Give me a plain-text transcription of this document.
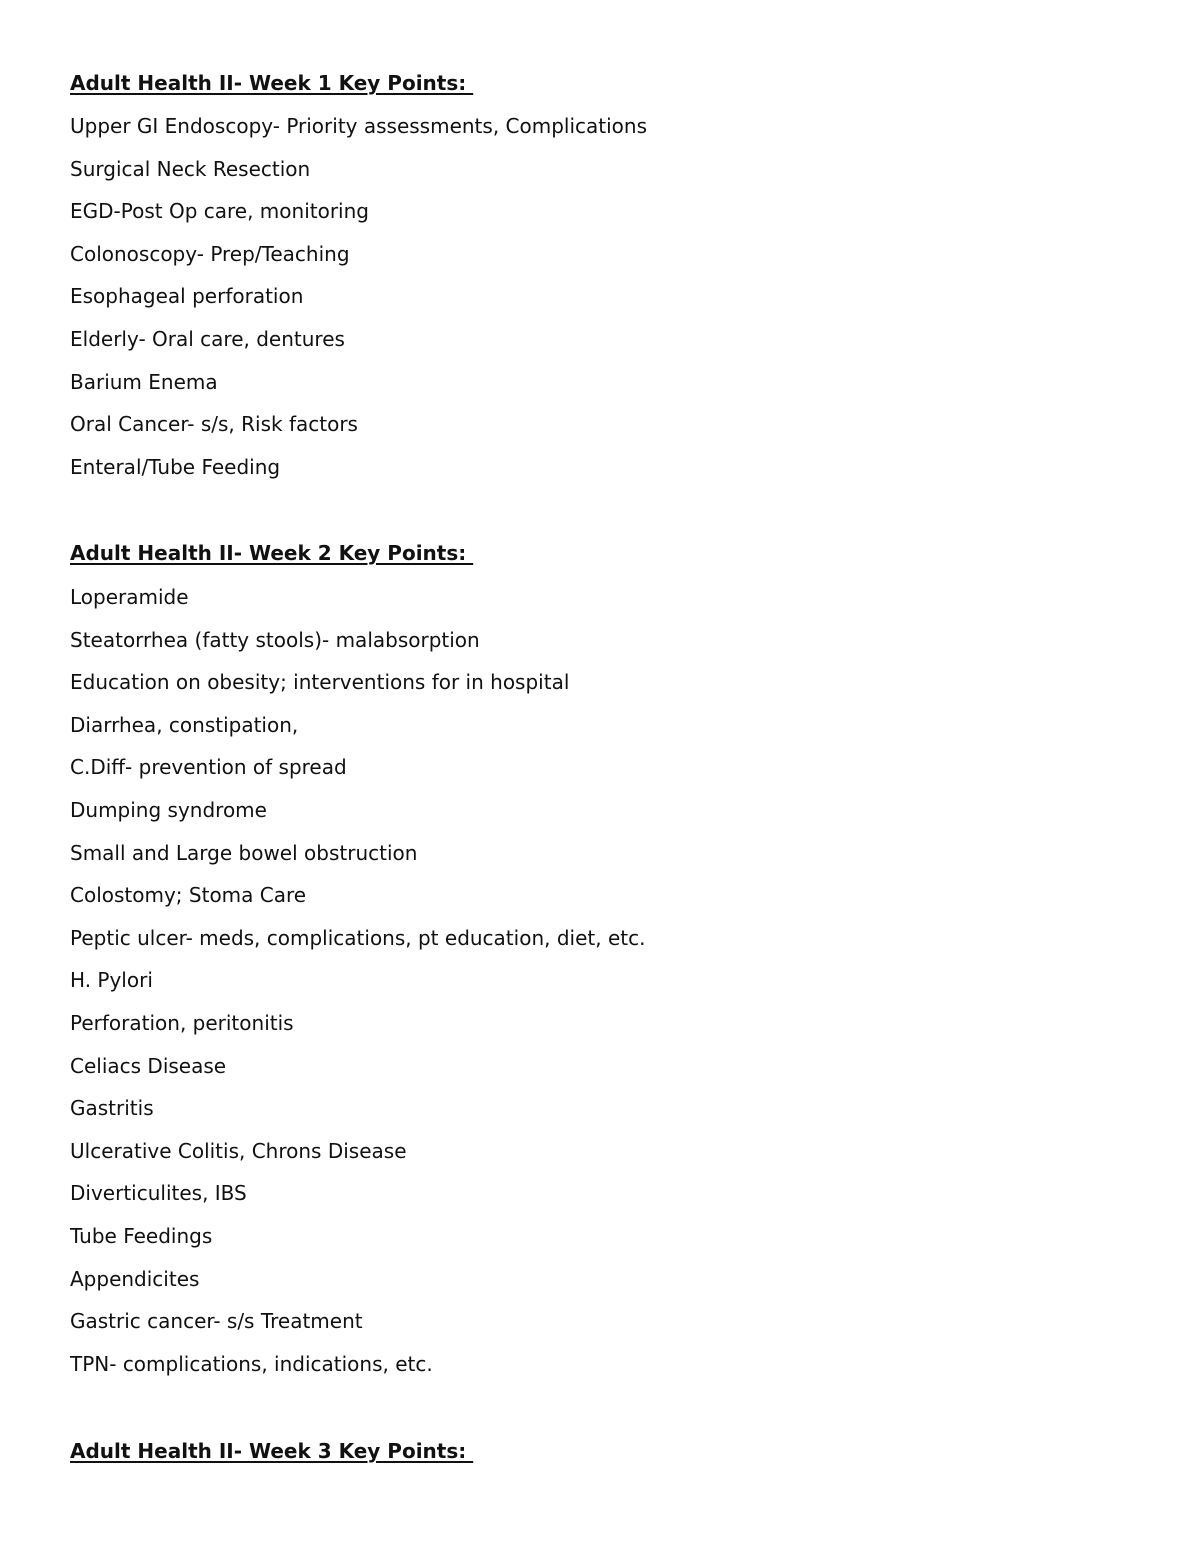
Adult Health II- Week 1 Key Points:
Upper GI Endoscopy- Priority assessments, Complications
Surgical Neck Resection
EGD-Post Op care, monitoring
Colonoscopy- Prep/Teaching
Esophageal perforation
Elderly- Oral care, dentures
Barium Enema
Oral Cancer- s/s, Risk factors
Enteral/Tube Feeding
Adult Health II- Week 2 Key Points:
Loperamide
Steatorrhea (fatty stools)- malabsorption
Education on obesity; interventions for in hospital
Diarrhea, constipation,
C.Diff- prevention of spread
Dumping syndrome
Small and Large bowel obstruction
Colostomy; Stoma Care
Peptic ulcer- meds, complications, pt education, diet, etc.
H. Pylori
Perforation, peritonitis
Celiacs Disease
Gastritis
Ulcerative Colitis, Chrons Disease
Diverticulites, IBS
Tube Feedings
Appendicites
Gastric cancer- s/s Treatment
TPN- complications, indications, etc.
Adult Health II- Week 3 Key Points:
